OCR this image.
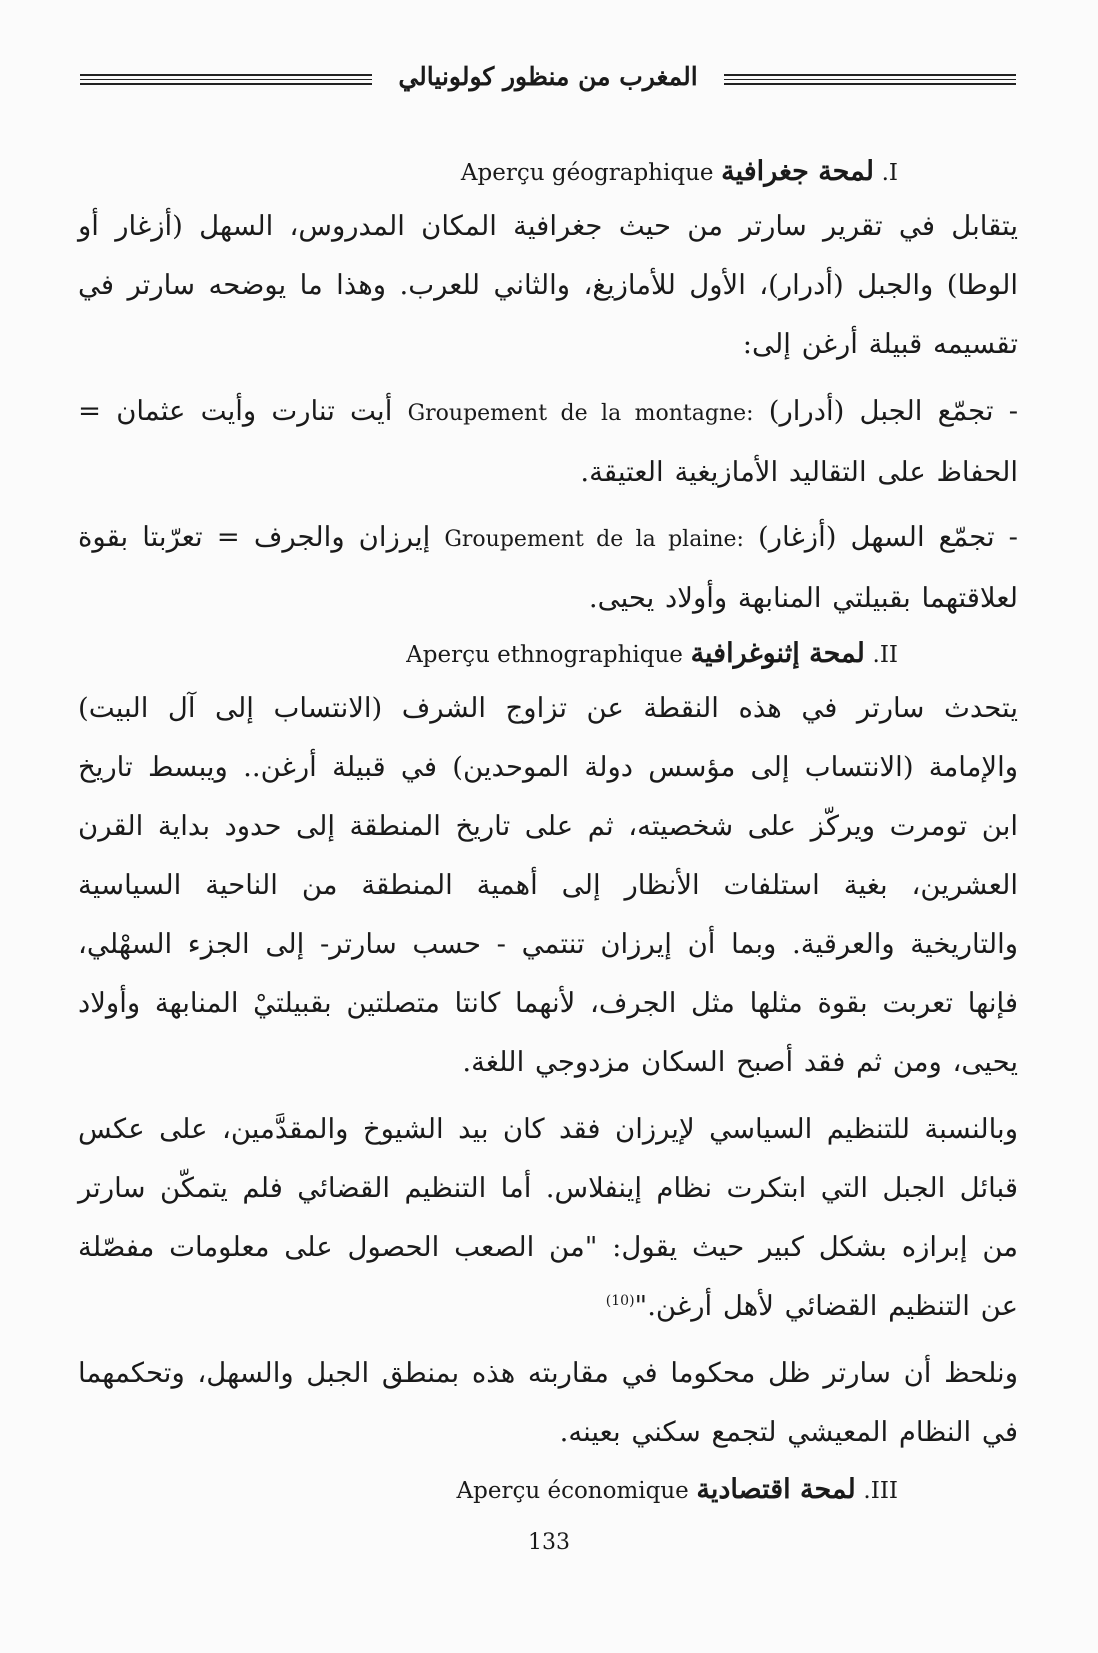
المغرب من منظور كولونيالي
I. لمحة جغرافية Aperçu géographique

يتقابل في تقرير سارتر من حيث جغرافية المكان المدروس، السهل (أزغار أو الوطا) والجبل (أدرار)، الأول للأمازيغ، والثاني للعرب. وهذا ما يوضحه سارتر في تقسيمه قبيلة أرغن إلى:

- تجمّع الجبل (أدرار) Groupement de la montagne: أيت تنارت وأيت عثمان = الحفاظ على التقاليد الأمازيغية العتيقة.

- تجمّع السهل (أزغار) Groupement de la plaine: إيرزان والجرف = تعرّبتا بقوة لعلاقتهما بقبيلتي المنابهة وأولاد يحيى.

II. لمحة إثنوغرافية Aperçu ethnographique

يتحدث سارتر في هذه النقطة عن تزاوج الشرف (الانتساب إلى آل البيت) والإمامة (الانتساب إلى مؤسس دولة الموحدين) في قبيلة أرغن.. ويبسط تاريخ ابن تومرت ويركّز على شخصيته، ثم على تاريخ المنطقة إلى حدود بداية القرن العشرين، بغية استلفات الأنظار إلى أهمية المنطقة من الناحية السياسية والتاريخية والعرقية. وبما أن إيرزان تنتمي - حسب سارتر- إلى الجزء السهْلي، فإنها تعربت بقوة مثلها مثل الجرف، لأنهما كانتا متصلتين بقبيلتيْ المنابهة وأولاد يحيى، ومن ثم فقد أصبح السكان مزدوجي اللغة.

وبالنسبة للتنظيم السياسي لإيرزان فقد كان بيد الشيوخ والمقدَّمين، على عكس قبائل الجبل التي ابتكرت نظام إينفلاس. أما التنظيم القضائي فلم يتمكّن سارتر من إبرازه بشكل كبير حيث يقول: "من الصعب الحصول على معلومات مفصّلة عن التنظيم القضائي لأهل أرغن."$^{(10)}$

ونلحظ أن سارتر ظل محكوما في مقاربته هذه بمنطق الجبل والسهل، وتحكمهما في النظام المعيشي لتجمع سكني بعينه.

III. لمحة اقتصادية Aperçu économique
133
